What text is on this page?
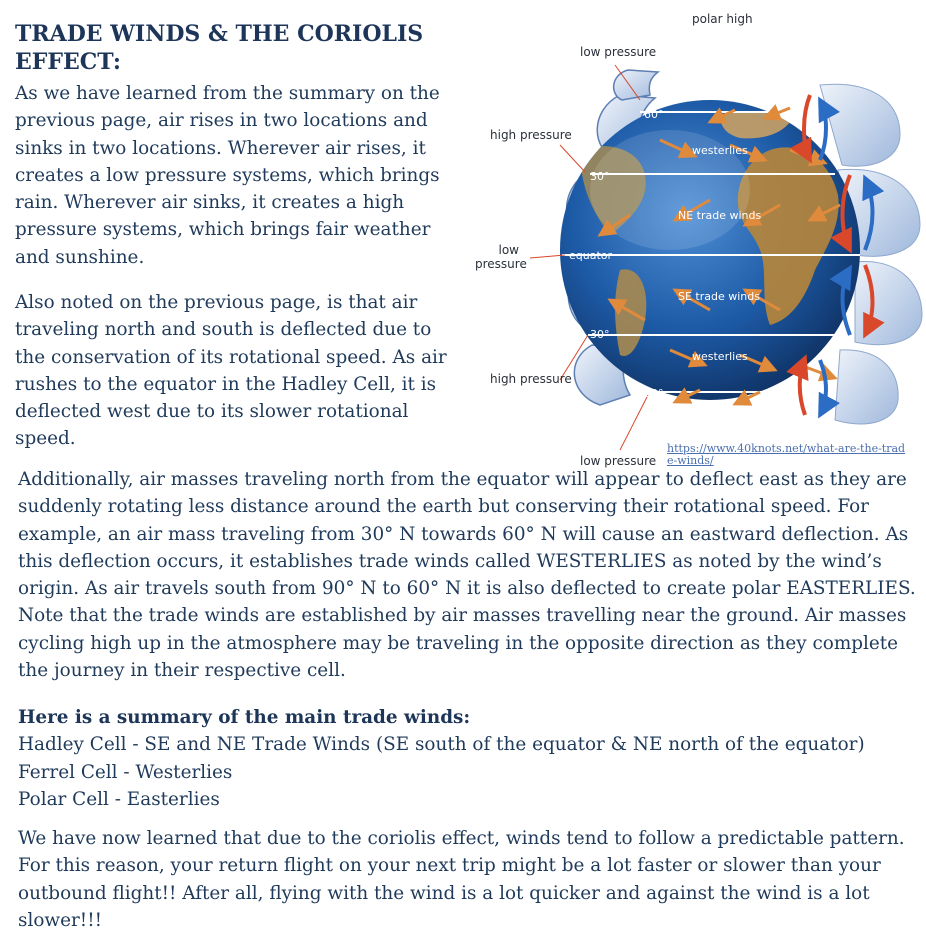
TRADE WINDS & THE CORIOLIS EFFECT:

As we have learned from the summary on the previous page, air rises in two locations and sinks in two locations. Wherever air rises, it creates a low pressure systems, which brings rain. Wherever air sinks, it creates a high pressure systems, which brings fair weather and sunshine.

Also noted on the previous page, is that air traveling north and south is deflected due to the conservation of its rotational speed. As air rushes to the equator in the Hadley Cell, it is deflected west due to its slower rotational speed.

polar high
low pressure
high pressure
low pressure
high pressure
low pressure
60°
30°
equator
30°
60°
westerlies
NE trade winds
SE trade winds
westerlies
https://www.40knots.net/what-are-the-trade-winds/

Additionally, air masses traveling north from the equator will appear to deflect east as they are suddenly rotating less distance around the earth but conserving their rotational speed. For example, an air mass traveling from 30° N towards 60° N will cause an eastward deflection. As this deflection occurs, it establishes trade winds called WESTERLIES as noted by the wind’s origin. As air travels south from 90° N to 60° N it is also deflected to create polar EASTERLIES. Note that the trade winds are established by air masses travelling near the ground. Air masses cycling high up in the atmosphere may be traveling in the opposite direction as they complete the journey in their respective cell.

Here is a summary of the main trade winds:
Hadley Cell - SE and NE Trade Winds (SE south of the equator & NE north of the equator)
Ferrel Cell - Westerlies
Polar Cell - Easterlies

We have now learned that due to the coriolis effect, winds tend to follow a predictable pattern. For this reason, your return flight on your next trip might be a lot faster or slower than your outbound flight!! After all, flying with the wind is a lot quicker and against the wind is a lot slower!!!
